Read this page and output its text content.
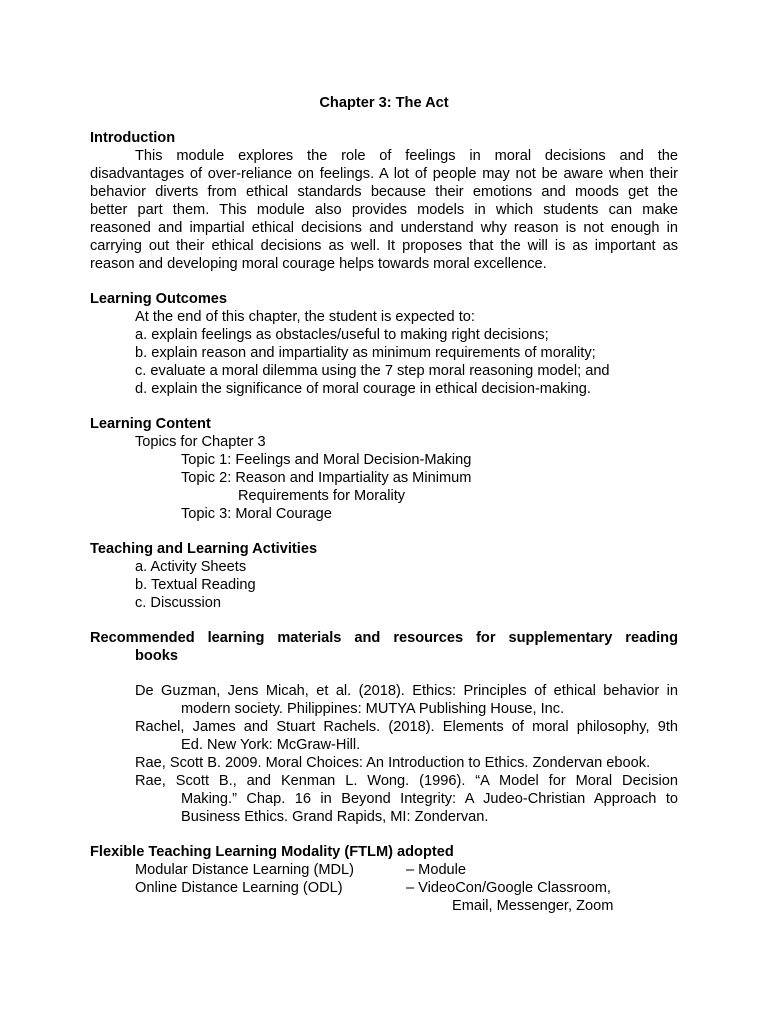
Chapter 3: The Act
Introduction
This module explores the role of feelings in moral decisions and the
disadvantages of over-reliance on feelings. A lot of people may not be aware when their
behavior diverts from ethical standards because their emotions and moods get the
better part them. This module also provides models in which students can make
reasoned and impartial ethical decisions and understand why reason is not enough in
carrying out their ethical decisions as well. It proposes that the will is as important as
reason and developing moral courage helps towards moral excellence.
Learning Outcomes
At the end of this chapter, the student is expected to:
a. explain feelings as obstacles/useful to making right decisions;
b. explain reason and impartiality as minimum requirements of morality;
c. evaluate a moral dilemma using the 7 step moral reasoning model; and
d. explain the significance of moral courage in ethical decision-making.
Learning Content
Topics for Chapter 3
Topic 1: Feelings and Moral Decision-Making
Topic 2: Reason and Impartiality as Minimum
Requirements for Morality
Topic 3: Moral Courage
Teaching and Learning Activities
a. Activity Sheets
b. Textual Reading
c. Discussion
Recommended learning materials and resources for supplementary reading
books
De Guzman, Jens Micah, et al. (2018). Ethics: Principles of ethical behavior in
modern society. Philippines: MUTYA Publishing House, Inc.
Rachel, James and Stuart Rachels. (2018). Elements of moral philosophy, 9th
Ed. New York: McGraw-Hill.
Rae, Scott B. 2009. Moral Choices: An Introduction to Ethics. Zondervan ebook.
Rae, Scott B., and Kenman L. Wong. (1996). “A Model for Moral Decision
Making.” Chap. 16 in Beyond Integrity: A Judeo-Christian Approach to
Business Ethics. Grand Rapids, MI: Zondervan.
Flexible Teaching Learning Modality (FTLM) adopted
Modular Distance Learning (MDL)	– Module
Online Distance Learning (ODL)	– VideoCon/Google Classroom,
Email, Messenger, Zoom
